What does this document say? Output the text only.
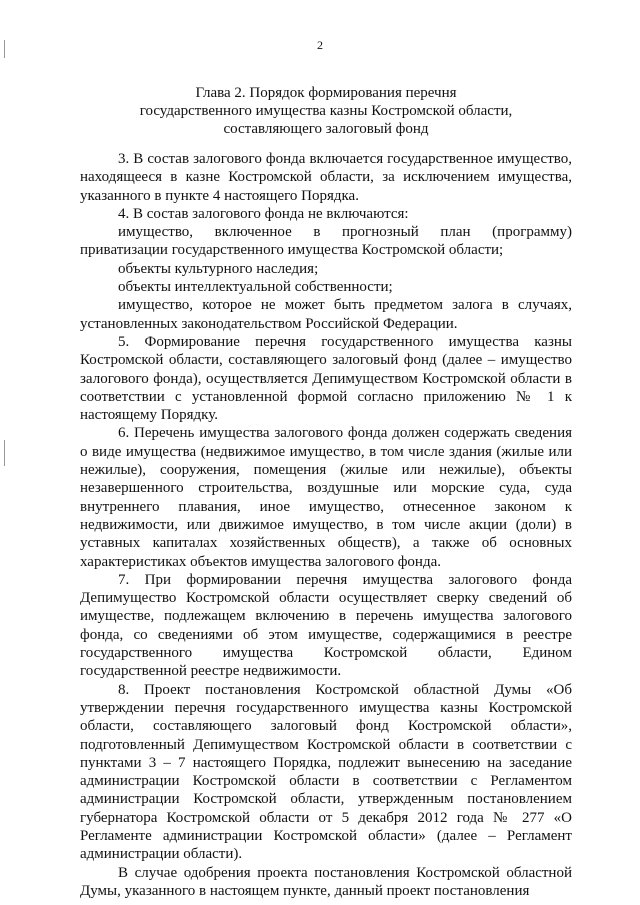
2
Глава 2. Порядок формирования перечня
государственного имущества казны Костромской области,
составляющего залоговый фонд

3. В состав залогового фонда включается государственное имущество, находящееся в казне Костромской области, за исключением имущества, указанного в пункте 4 настоящего Порядка.

4. В состав залогового фонда не включаются:

имущество, включенное в прогнозный план (программу) приватизации государственного имущества Костромской области;

объекты культурного наследия;

объекты интеллектуальной собственности;

имущество, которое не может быть предметом залога в случаях, установленных законодательством Российской Федерации.

5. Формирование перечня государственного имущества казны Костромской области, составляющего залоговый фонд (далее – имущество залогового фонда), осуществляется Депимуществом Костромской области в соответствии с установленной формой согласно приложению № 1 к настоящему Порядку.

6. Перечень имущества залогового фонда должен содержать сведения о виде имущества (недвижимое имущество, в том числе здания (жилые или нежилые), сооружения, помещения (жилые или нежилые), объекты незавершенного строительства, воздушные или морские суда, суда внутреннего плавания, иное имущество, отнесенное законом к недвижимости, или движимое имущество, в том числе акции (доли) в уставных капиталах хозяйственных обществ), а также об основных характеристиках объектов имущества залогового фонда.

7. При формировании перечня имущества залогового фонда Депимущество Костромской области осуществляет сверку сведений об имуществе, подлежащем включению в перечень имущества залогового фонда, со сведениями об этом имуществе, содержащимися в реестре государственного имущества Костромской области, Едином государственной реестре недвижимости.

8. Проект постановления Костромской областной Думы «Об утверждении перечня государственного имущества казны Костромской области, составляющего залоговый фонд Костромской области», подготовленный Депимуществом Костромской области в соответствии с пунктами 3 – 7 настоящего Порядка, подлежит вынесению на заседание администрации Костромской области в соответствии с Регламентом администрации Костромской области, утвержденным постановлением губернатора Костромской области от 5 декабря 2012 года № 277 «О Регламенте администрации Костромской области» (далее – Регламент администрации области).

В случае одобрения проекта постановления Костромской областной Думы, указанного в настоящем пункте, данный проект постановления
